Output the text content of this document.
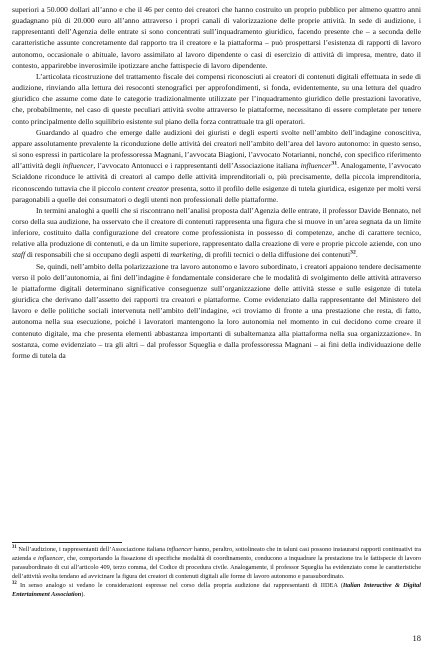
superiori a 50.000 dollari all’anno e che il 46 per cento dei creatori che hanno costruito un proprio pubblico per almeno quattro anni guadagnano più di 20.000 euro all’anno attraverso i propri canali di valorizzazione delle proprie attività. In sede di audizione, i rappresentanti dell’Agenzia delle entrate si sono concentrati sull’inquadramento giuridico, facendo presente che – a seconda delle caratteristiche assunte concretamente dal rapporto tra il creatore e la piattaforma – può prospettarsi l’esistenza di rapporti di lavoro autonomo, occasionale o abituale, lavoro assimilato al lavoro dipendente o casi di esercizio di attività di impresa, mentre, dato il contesto, apparirebbe inverosimile ipotizzare anche fattispecie di lavoro dipendente.

L’articolata ricostruzione del trattamento fiscale dei compensi riconosciuti ai creatori di contenuti digitali effettuata in sede di audizione, rinviando alla lettura dei resoconti stenografici per approfondimenti, si fonda, evidentemente, su una lettura del quadro giuridico che assume come date le categorie tradizionalmente utilizzate per l’inquadramento giuridico delle prestazioni lavorative, che, probabilmente, nel caso di queste peculiari attività svolte attraverso le piattaforme, necessitano di essere completate per tenere conto principalmente dello squilibrio esistente sul piano della forza contrattuale tra gli operatori.

Guardando al quadro che emerge dalle audizioni dei giuristi e degli esperti svolte nell’ambito dell’indagine conoscitiva, appare assolutamente prevalente la riconduzione delle attività dei creatori nell’ambito dell’area del lavoro autonomo: in questo senso, si sono espressi in particolare la professoressa Magnani, l’avvocata Biagioni, l’avvocato Notarianni, nonché, con specifico riferimento all’attività degli influencer, l’avvocato Antonucci e i rappresentanti dell’Associazione italiana influencer$^{31}$. Analogamente, l’avvocato Scialdone riconduce le attività di creatori al campo delle attività imprenditoriali o, più precisamente, della piccola imprenditoria, riconoscendo tuttavia che il piccolo content creator presenta, sotto il profilo delle esigenze di tutela giuridica, esigenze per molti versi paragonabili a quelle dei consumatori o degli utenti non professionali delle piattaforme.

In termini analoghi a quelli che si riscontrano nell’analisi proposta dall’Agenzia delle entrate, il professor Davide Bennato, nel corso della sua audizione, ha osservato che il creatore di contenuti rappresenta una figura che si muove in un’area segnata da un limite inferiore, costituito dalla configurazione del creatore come professionista in possesso di competenze, anche di carattere tecnico, relative alla produzione di contenuti, e da un limite superiore, rappresentato dalla creazione di vere e proprie piccole aziende, con uno staff di responsabili che si occupano degli aspetti di marketing, di profili tecnici o della diffusione dei contenuti$^{32}$.

Se, quindi, nell’ambito della polarizzazione tra lavoro autonomo e lavoro subordinato, i creatori appaiono tendere decisamente verso il polo dell’autonomia, ai fini dell’indagine è fondamentale considerare che le modalità di svolgimento delle attività attraverso le piattaforme digitali determinano significative conseguenze sull’organizzazione delle attività stesse e sulle esigenze di tutela giuridica che derivano dall’assetto dei rapporti tra creatori e piattaforme. Come evidenziato dalla rappresentante del Ministero del lavoro e delle politiche sociali intervenuta nell’ambito dell’indagine, «ci troviamo di fronte a una prestazione che resta, di fatto, autonoma nella sua esecuzione, poiché i lavoratori mantengono la loro autonomia nel momento in cui decidono come creare il contenuto digitale, ma che presenta elementi abbastanza importanti di subalternanza alla piattaforma nella sua organizzazione». In sostanza, come evidenziato – tra gli altri – dal professor Squeglia e dalla professoressa Magnani – ai fini della individuazione delle forme di tutela da

$^{31}$ Nell’audizione, i rappresentanti dell’Associazione italiana influencer hanno, peraltro, sottolineato che in taluni casi possono instaurarsi rapporti continuativi tra azienda e influencer, che, comportando la fissazione di specifiche modalità di coordinamento, conducono a inquadrare la prestazione tra le fattispecie di lavoro parasubordinato di cui all’articolo 409, terzo comma, del Codice di procedura civile. Analogamente, il professor Squeglia ha evidenziato come le caratteristiche dell’attività svolta tendano ad avvicinare la figura dei creatori di contenuti digitali alle forme di lavoro autonomo e parasubordinato.

$^{32}$ In senso analogo si vedano le considerazioni espresse nel corso della propria audizione dai rappresentanti di IIDEA (Italian Interactive & Digital Entertainment Association).

18
